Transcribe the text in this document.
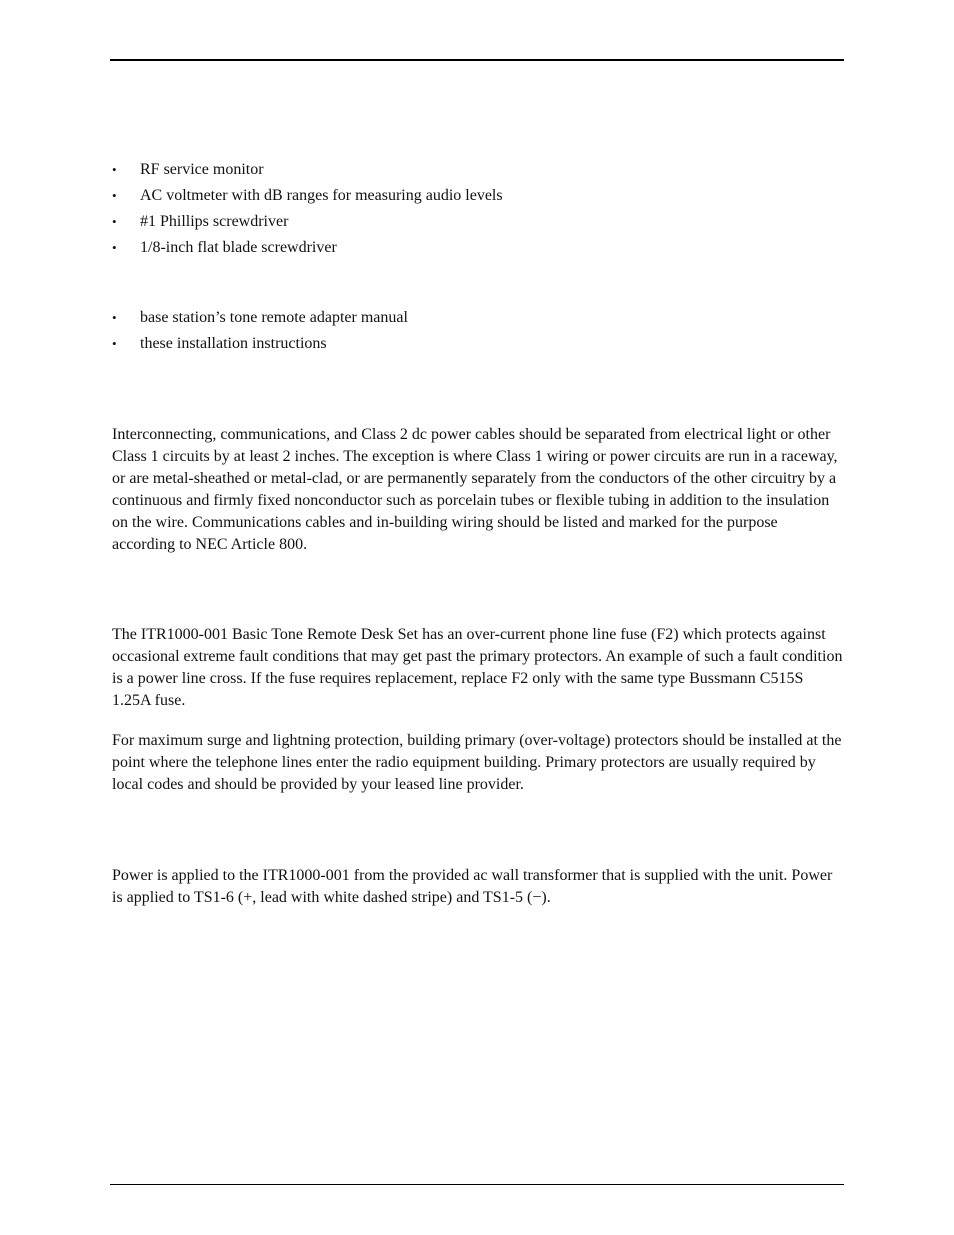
•	RF service monitor
•	AC voltmeter with dB ranges for measuring audio levels
•	#1 Phillips screwdriver
•	1/8-inch flat blade screwdriver
•	base station’s tone remote adapter manual
•	these installation instructions

Interconnecting, communications, and Class 2 dc power cables should be separated from electrical light or other Class 1 circuits by at least 2 inches. The exception is where Class 1 wiring or power circuits are run in a raceway, or are metal-sheathed or metal-clad, or are permanently separately from the conductors of the other circuitry by a continuous and firmly fixed nonconductor such as porcelain tubes or flexible tubing in addition to the insulation on the wire. Communications cables and in-building wiring should be listed and marked for the purpose according to NEC Article 800.

The ITR1000-001 Basic Tone Remote Desk Set has an over-current phone line fuse (F2) which protects against occasional extreme fault conditions that may get past the primary protectors. An example of such a fault condition is a power line cross. If the fuse requires replacement, replace F2 only with the same type Bussmann C515S 1.25A fuse.

For maximum surge and lightning protection, building primary (over-voltage) protectors should be installed at the point where the telephone lines enter the radio equipment building. Primary protectors are usually required by local codes and should be provided by your leased line provider.

Power is applied to the ITR1000-001 from the provided ac wall transformer that is supplied with the unit. Power is applied to TS1-6 (+, lead with white dashed stripe) and TS1-5 (−).
